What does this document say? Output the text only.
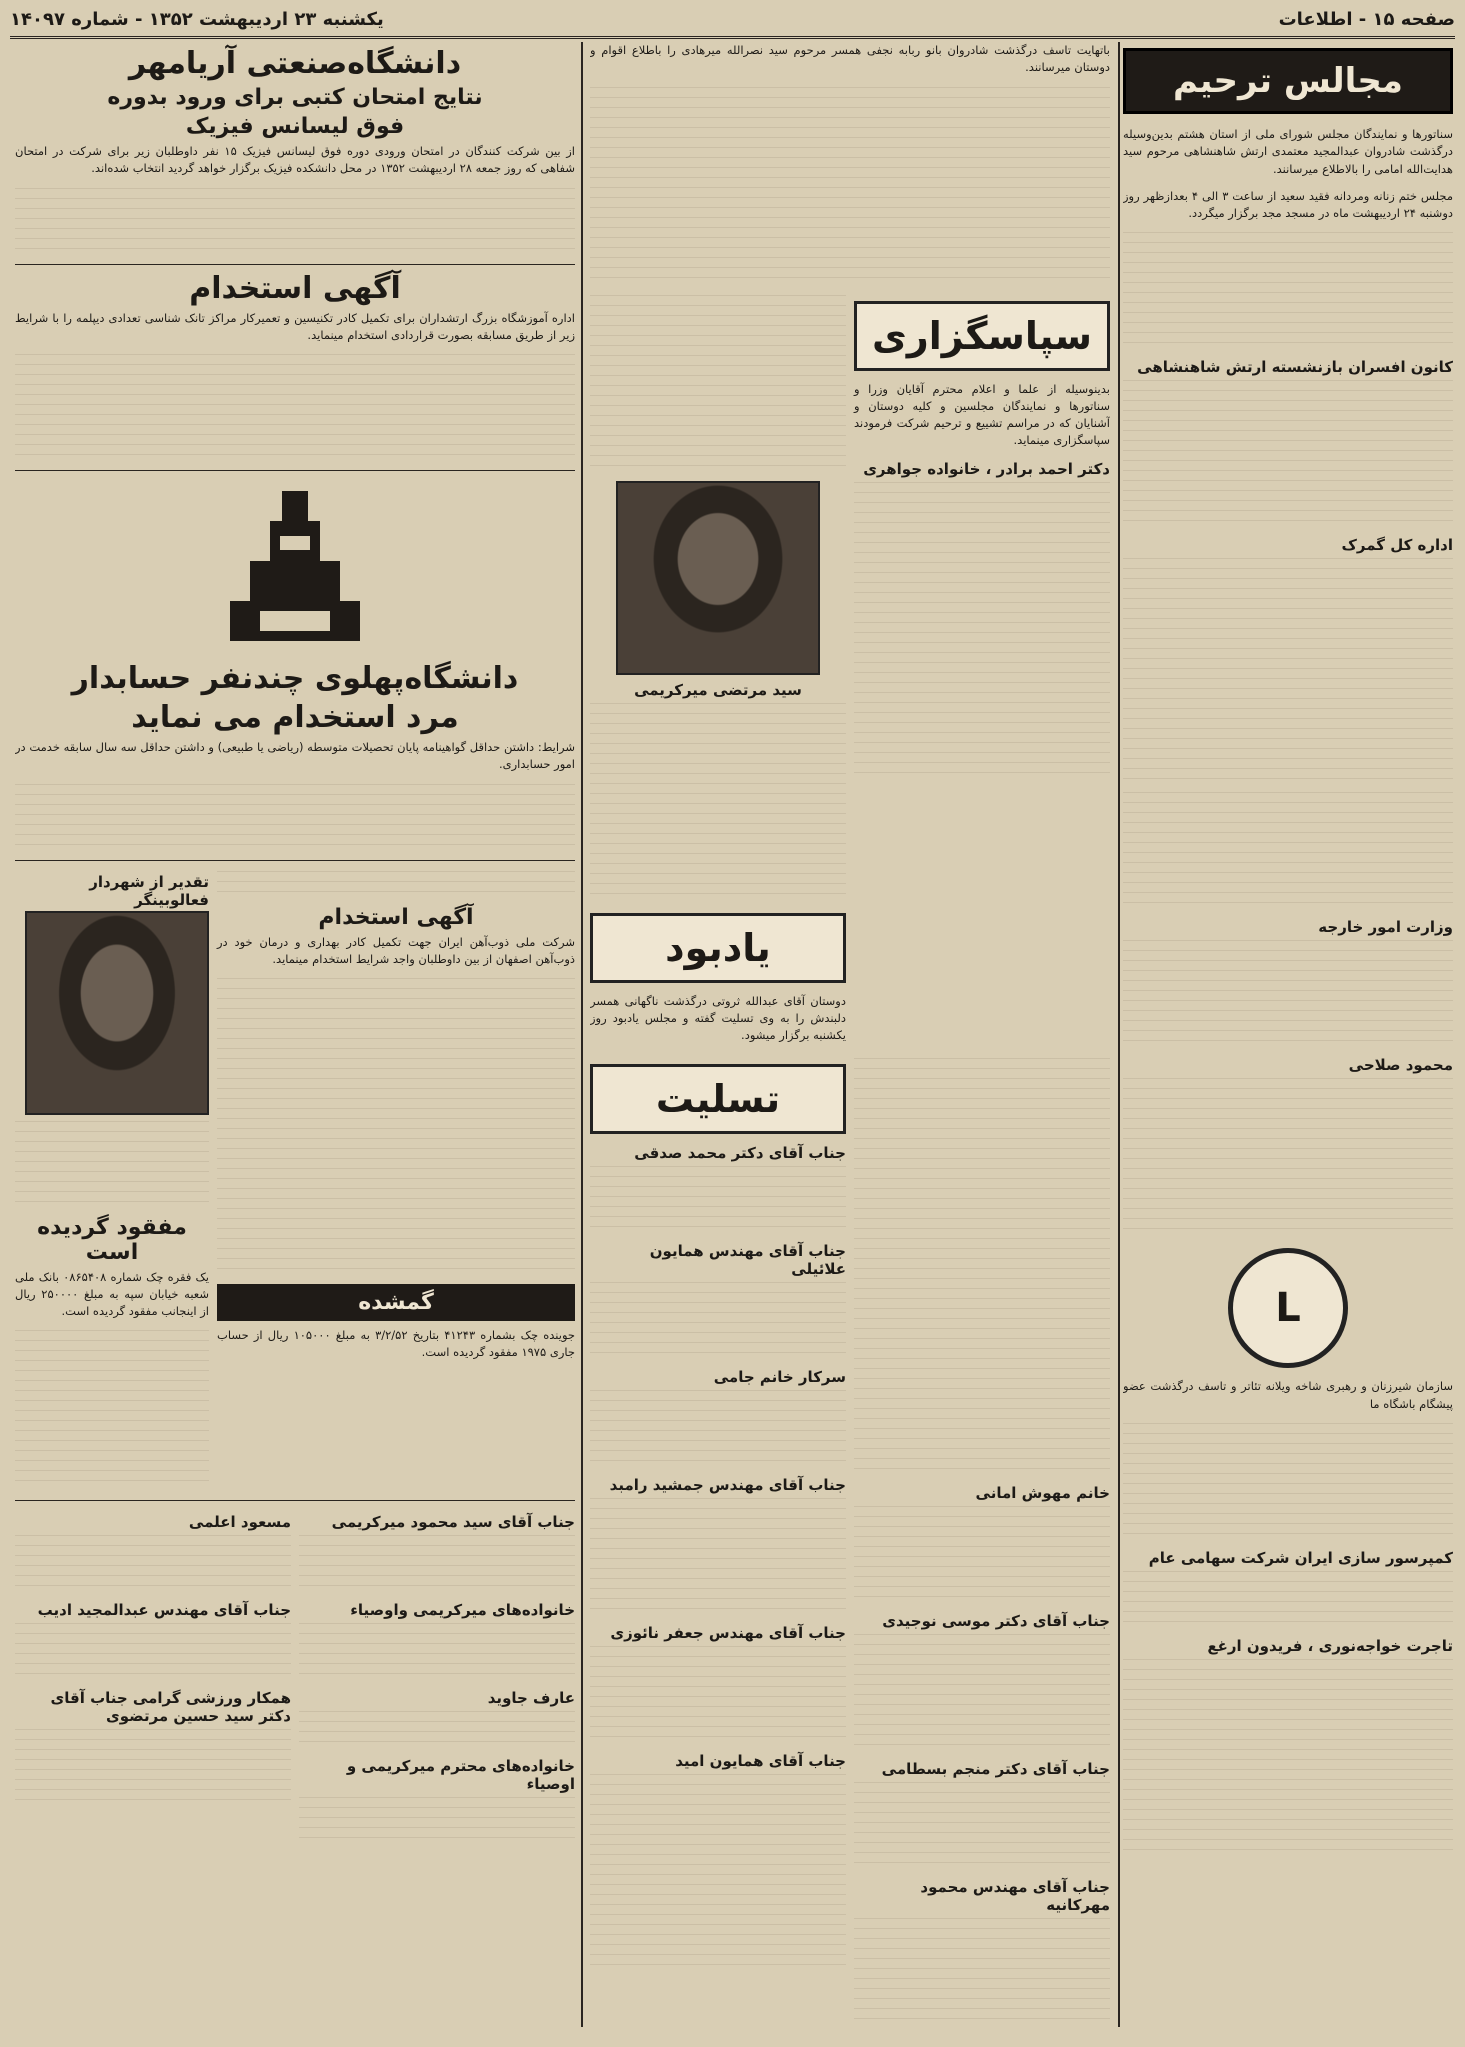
صفحه ۱۵ - اطلاعات
یکشنبه ۲۳ اردیبهشت ۱۳۵۲ - شماره ۱۴۰۹۷
مجالس ترحیم
سناتورها و نمایندگان مجلس شورای ملی از استان هشتم بدین‌وسیله درگذشت شادروان عبدالمجید معتمدی ارتش شاهنشاهی مرحوم سید هدایت‌الله امامی را بالاطلاع میرسانند.
مجلس ختم زنانه ومردانه فقید سعید از ساعت ۳ الی ۴ بعدازظهر روز دوشنبه ۲۴ اردیبهشت ماه در مسجد مجد برگزار میگردد.
کانون افسران بازنشسته ارتش شاهنشاهی
اداره کل گمرک
وزارت امور خارجه
محمود صلاحی
L
سازمان شیرزنان و رهبری شاخه ویلانه تئاتر و تاسف درگذشت عضو پیشگام باشگاه ما
کمپرسور سازی ایران شرکت سهامی عام
تاجرت خواجه‌نوری ، فریدون ارغع
باتهایت تاسف درگذشت شادروان بانو ربابه نجفی همسر مرحوم سید نصرالله میرهادی را باطلاع اقوام و دوستان میرسانند.
سپاسگزاری
بدینوسیله از علما و اعلام محترم آقایان وزرا و سناتورها و نمایندگان مجلسین و کلیه دوستان و آشنایان که در مراسم تشییع و ترحیم شرکت فرمودند سپاسگزاری مینماید.
دکتر احمد برادر ، خانواده جواهری
سید مرتضی میرکریمی
یادبود
دوستان آقای عبدالله ثروتی درگذشت ناگهانی همسر دلبندش را به وی تسلیت گفته و مجلس یادبود روز یکشنبه برگزار میشود.
خانم مهوش امانی
جناب آقای دکتر موسی نوجیدی
جناب آقای دکتر منجم بسطامی
جناب آقای مهندس محمود مهرکانیه
تسلیت
جناب آقای دکتر محمد صدقی
جناب آقای مهندس همایون علائیلی
سرکار خانم جامی
جناب آقای مهندس جمشید رامبد
جناب آقای مهندس جعفر نائوزی
جناب آقای همایون امید
دانشگاه‌صنعتی آریامهر
نتایج امتحان کتبی برای ورود بدوره
فوق لیسانس فیزیک
از بین شرکت کنندگان در امتحان ورودی دوره فوق لیسانس فیزیک ۱۵ نفر داوطلبان زیر برای شرکت در امتحان شفاهی که روز جمعه ۲۸ اردیبهشت ۱۳۵۲ در محل دانشکده فیزیک برگزار خواهد گردید انتخاب شده‌اند.
آگهی استخدام
اداره آموزشگاه بزرگ ارتشداران برای تکمیل کادر تکنیسین و تعمیرکار مراکز تانک شناسی تعدادی دیپلمه را با شرایط زیر از طریق مسابقه بصورت قراردادی استخدام مینماید.
دانشگاه‌پهلوی چندنفر حسابدار
مرد استخدام می نماید
شرایط: داشتن حداقل گواهینامه پایان تحصیلات متوسطه (ریاضی یا طبیعی) و داشتن حداقل سه سال سابقه خدمت در امور حسابداری.
آگهی استخدام
شرکت ملی ذوب‌آهن ایران جهت تکمیل کادر بهداری و درمان خود در ذوب‌آهن اصفهان از بین داوطلبان واجد شرایط استخدام مینماید.
گمشده
جوینده چک بشماره ۴۱۲۴۳ بتاریخ ۳/۲/۵۲ به مبلغ ۱۰۵۰۰۰ ریال از حساب جاری ۱۹۷۵ مفقود گردیده است.
تقدیر از شهردار فعالوبینگر
مفقود گردیده است
یک فقره چک شماره ۰۸۶۵۴۰۸ بانک ملی شعبه خیابان سپه به مبلغ ۲۵۰۰۰۰ ریال از اینجانب مفقود گردیده است.
جناب آقای سید محمود میرکریمی
خانواده‌های میرکریمی واوصیاء
عارف جاوید
خانواده‌های محترم میرکریمی و اوصیاء
مسعود اعلمی
جناب آقای مهندس عبدالمجید ادیب
همکار ورزشی گرامی جناب آقای دکتر سید حسین مرتضوی
